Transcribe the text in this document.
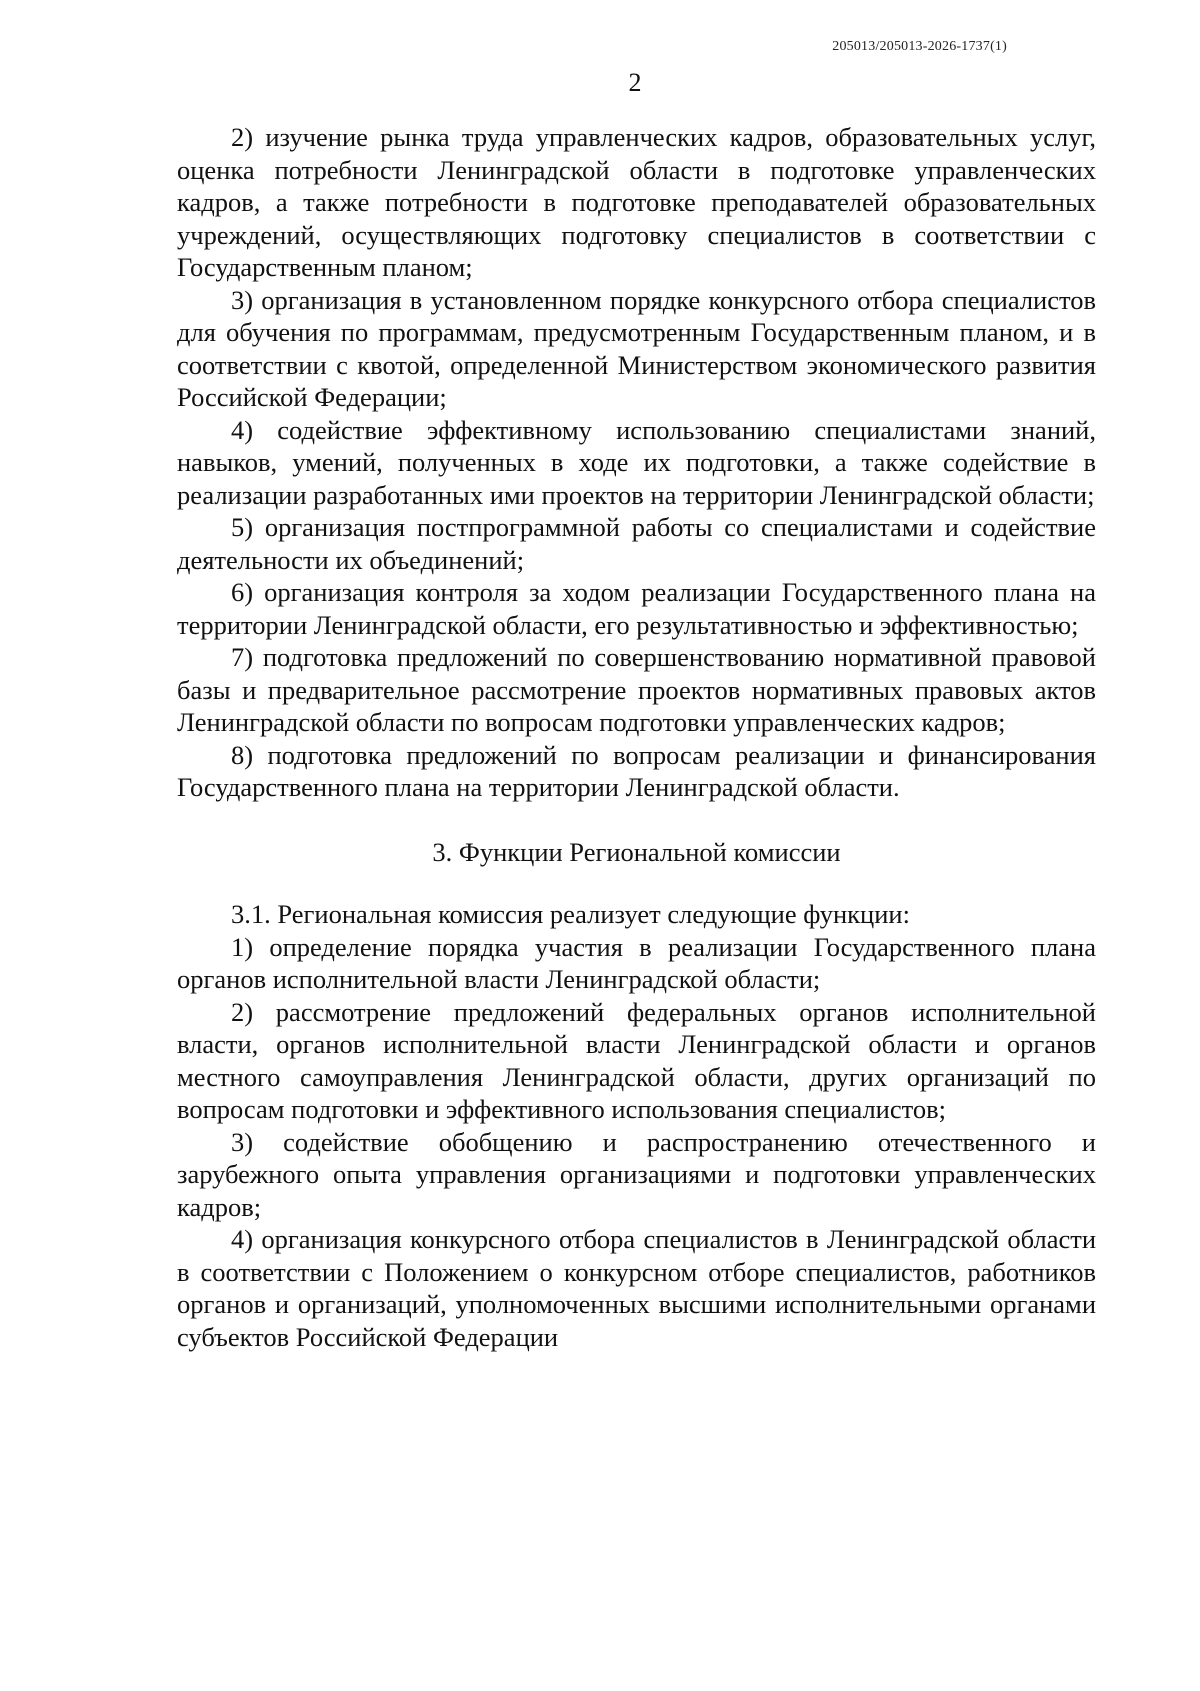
205013/205013-2026-1737(1)
2

2) изучение рынка труда управленческих кадров, образовательных услуг, оценка потребности Ленинградской области в подготовке управленческих кадров, а также потребности в подготовке преподавателей образовательных учреждений, осуществляющих подготовку специалистов в соответствии с Государственным планом;

3) организация в установленном порядке конкурсного отбора специалистов для обучения по программам, предусмотренным Государственным планом, и в соответствии с квотой, определенной Министерством экономического развития Российской Федерации;

4) содействие эффективному использованию специалистами знаний, навыков, умений, полученных в ходе их подготовки, а также содействие в реализации разработанных ими проектов на территории Ленинградской области;

5) организация постпрограммной работы со специалистами и содействие деятельности их объединений;

6) организация контроля за ходом реализации Государственного плана на территории Ленинградской области, его результативностью и эффективностью;

7) подготовка предложений по совершенствованию нормативной правовой базы и предварительное рассмотрение проектов нормативных правовых актов Ленинградской области по вопросам подготовки управленческих кадров;

8) подготовка предложений по вопросам реализации и финансирования Государственного плана на территории Ленинградской области.

3. Функции Региональной комиссии

3.1. Региональная комиссия реализует следующие функции:

1) определение порядка участия в реализации Государственного плана органов исполнительной власти Ленинградской области;

2) рассмотрение предложений федеральных органов исполнительной власти, органов исполнительной власти Ленинградской области и органов местного самоуправления Ленинградской области, других организаций по вопросам подготовки и эффективного использования специалистов;

3) содействие обобщению и распространению отечественного и зарубежного опыта управления организациями и подготовки управленческих кадров;

4) организация конкурсного отбора специалистов в Ленинградской области в соответствии с Положением о конкурсном отборе специалистов, работников органов и организаций, уполномоченных высшими исполнительными органами субъектов Российской Федерации
